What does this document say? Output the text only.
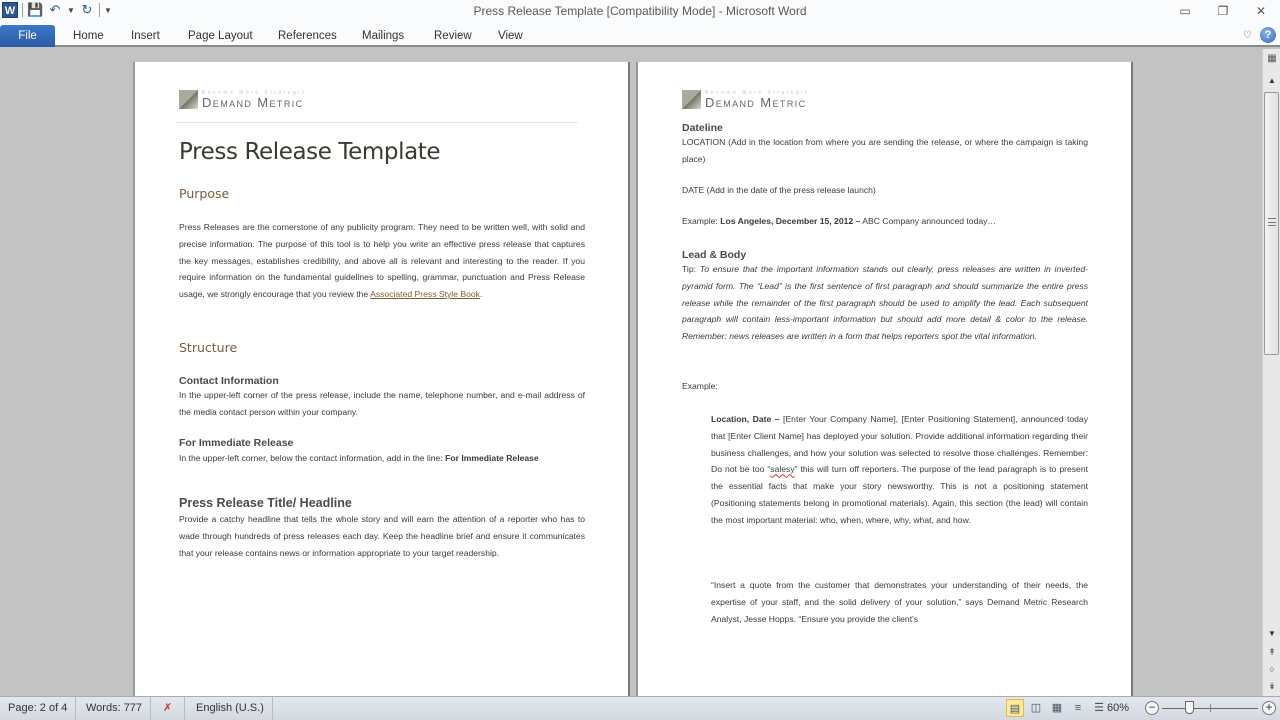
W 💾 ↶ ▼ ↻	▼	Press Release Template [Compatibility Mode] - Microsoft Word	▭	❐	✕
File	Home Insert Page Layout References Mailings	Review View	♡	?
Become More Strategic
Demand Metric
Press Release Template
Purpose
Press Releases are the cornerstone of any publicity program. They need to be written well, with solid and precise information. The purpose of this tool is to help you write an effective press release that captures the key messages, establishes credibility, and above all is relevant and interesting to the reader. If you require information on the fundamental guidelines to spelling, grammar, punctuation and Press Release usage, we strongly encourage that you review the Associated Press Style Book.
Structure
Contact Information
In the upper-left corner of the press release, include the name, telephone number, and e-mail address of the media contact person within your company.
For Immediate Release
In the upper-left corner, below the contact information, add in the line: For Immediate Release
Press Release Title/ Headline
Provide a catchy headline that tells the whole story and will earn the attention of a reporter who has to wade through hundreds of press releases each day. Keep the headline brief and ensure it communicates that your release contains news or information appropriate to your target readership.
Become More Strategic
Demand Metric
Dateline
LOCATION (Add in the location from where you are sending the release, or where the campaign is taking place)
DATE (Add in the date of the press release launch)
Example: Los Angeles, December 15, 2012 – ABC Company announced today…
Lead & Body
Tip: To ensure that the important information stands out clearly, press releases are written in inverted-pyramid form. The “Lead” is the first sentence of first paragraph and should summarize the entire press release while the remainder of the first paragraph should be used to amplify the lead. Each subsequent paragraph will contain less-important information but should add more detail & color to the release. Remember: news releases are written in a form that helps reporters spot the vital information.
Example:
Location, Date – [Enter Your Company Name], [Enter Positioning Statement], announced today that [Enter Client Name] has deployed your solution. Provide additional information regarding their business challenges, and how your solution was selected to resolve those challenges. Remember: Do not be too “salesy” this will turn off reporters. The purpose of the lead paragraph is to present the essential facts that make your story newsworthy. This is not a positioning statement (Positioning statements belong in promotional materials). Again, this section (the lead) will contain the most important material: who, when, where, why, what, and how.
“Insert a quote from the customer that demonstrates your understanding of their needs, the expertise of your staff, and the solid delivery of your solution,” says Demand Metric Research Analyst, Jesse Hopps. “Ensure you provide the client's
▦
▲
▼
↟
○
↡
Page: 2 of 4	Words: 777	✗	English (U.S.)	▤ ◫ ▦	≡	☰ 60% −	+
